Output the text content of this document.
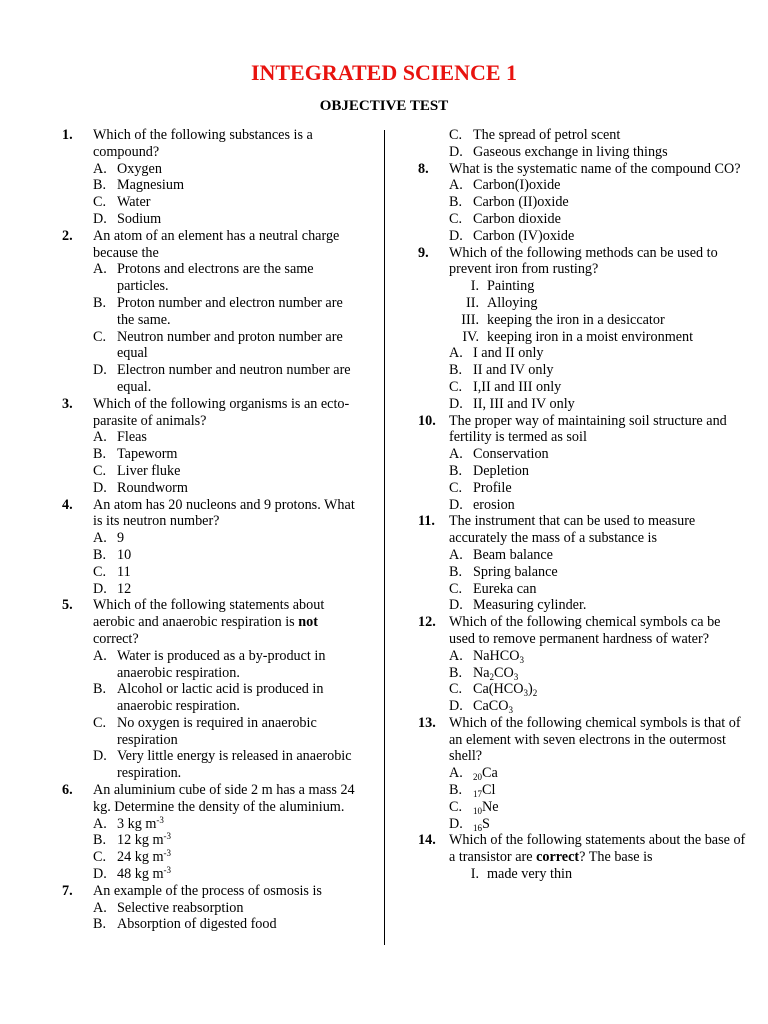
INTEGRATED SCIENCE 1
OBJECTIVE TEST
1. Which of the following substances is a compound?
A. Oxygen
B. Magnesium
C. Water
D. Sodium
2. An atom of an element has a neutral charge because the
A. Protons and electrons are the same particles.
B. Proton number and electron number are the same.
C. Neutron number and proton number are equal
D. Electron number and neutron number are equal.
3. Which of the following organisms is an ecto-parasite of animals?
A. Fleas
B. Tapeworm
C. Liver fluke
D. Roundworm
4. An atom has 20 nucleons and 9 protons. What is its neutron number?
A. 9
B. 10
C. 11
D. 12
5. Which of the following statements about aerobic and anaerobic respiration is not correct?
A. Water is produced as a by-product in anaerobic respiration.
B. Alcohol or lactic acid is produced in anaerobic respiration.
C. No oxygen is required in anaerobic respiration
D. Very little energy is released in anaerobic respiration.
6. An aluminium cube of side 2 m has a mass 24 kg. Determine the density of the aluminium.
A. 3 kg $m^{-3}$
B. 12 kg $m^{-3}$
C. 24 kg $m^{-3}$
D. 48 kg $m^{-3}$
7. An example of the process of osmosis is
A. Selective reabsorption
B. Absorption of digested food
C. The spread of petrol scent
D. Gaseous exchange in living things
8. What is the systematic name of the compound CO?
A. Carbon(I)oxide
B. Carbon (II)oxide
C. Carbon dioxide
D. Carbon (IV)oxide
9. Which of the following methods can be used to prevent iron from rusting?
I. Painting
II. Alloying
III. keeping the iron in a desiccator
IV. keeping iron in a moist environment
A. I and II only
B. II and IV only
C. I,II and III only
D. II, III and IV only
10. The proper way of maintaining soil structure and fertility is termed as soil
A. Conservation
B. Depletion
C. Profile
D. erosion
11. The instrument that can be used to measure accurately the mass of a substance is
A. Beam balance
B. Spring balance
C. Eureka can
D. Measuring cylinder.
12. Which of the following chemical symbols ca be used to remove permanent hardness of water?
A. NaHCO$_3$
B. $Na_2CO_3$
C. $Ca(HCO_3)_2$
D. CaCO$_3$
13. Which of the following chemical symbols is that of an element with seven electrons in the outermost shell?
A.	$_{20}$Ca
B.	$_{17}$Cl
C.	$_{10}$Ne
D.	$_{16}$S
14. Which of the following statements about the base of a transistor are correct? The base is
I. made very thin
